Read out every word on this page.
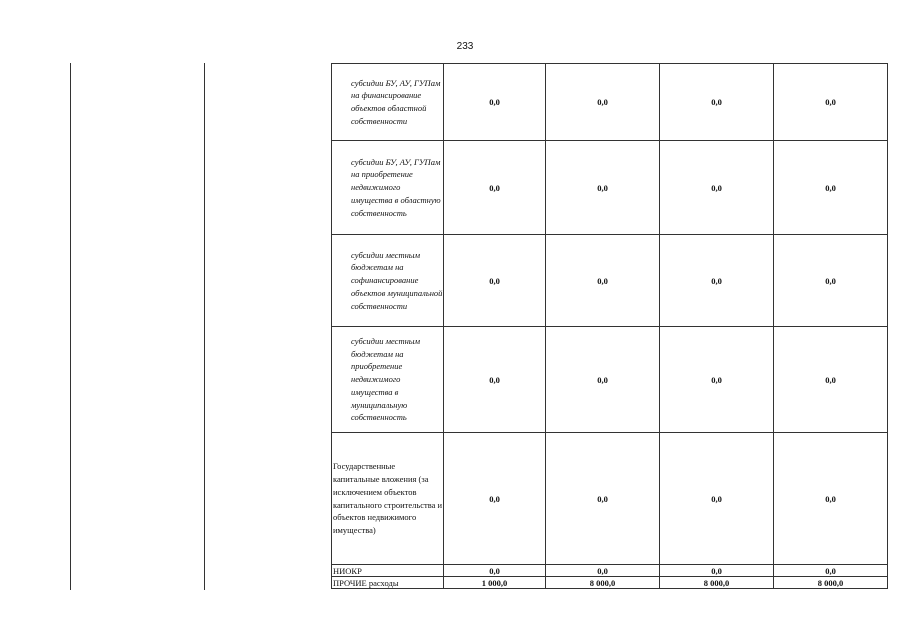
233
субсидии БУ, АУ, ГУПам на финансирование объектов областной собственности	0,0	0,0	0,0	0,0
субсидии БУ, АУ, ГУПам на приобретение недвижимого имущества в областную собственность	0,0	0,0	0,0	0,0
субсидии местным бюджетам на софинансирование объектов муниципальной собственности	0,0	0,0	0,0	0,0
субсидии местным бюджетам на приобретение недвижимого имущества в муниципальную собственность	0,0	0,0	0,0	0,0
Государственные капитальные вложения (за исключением объектов капитального строительства и объектов недвижимого имущества)	0,0	0,0	0,0	0,0
НИОКР	0,0	0,0	0,0	0,0
ПРОЧИЕ расходы	1 000,0	8 000,0	8 000,0	8 000,0
